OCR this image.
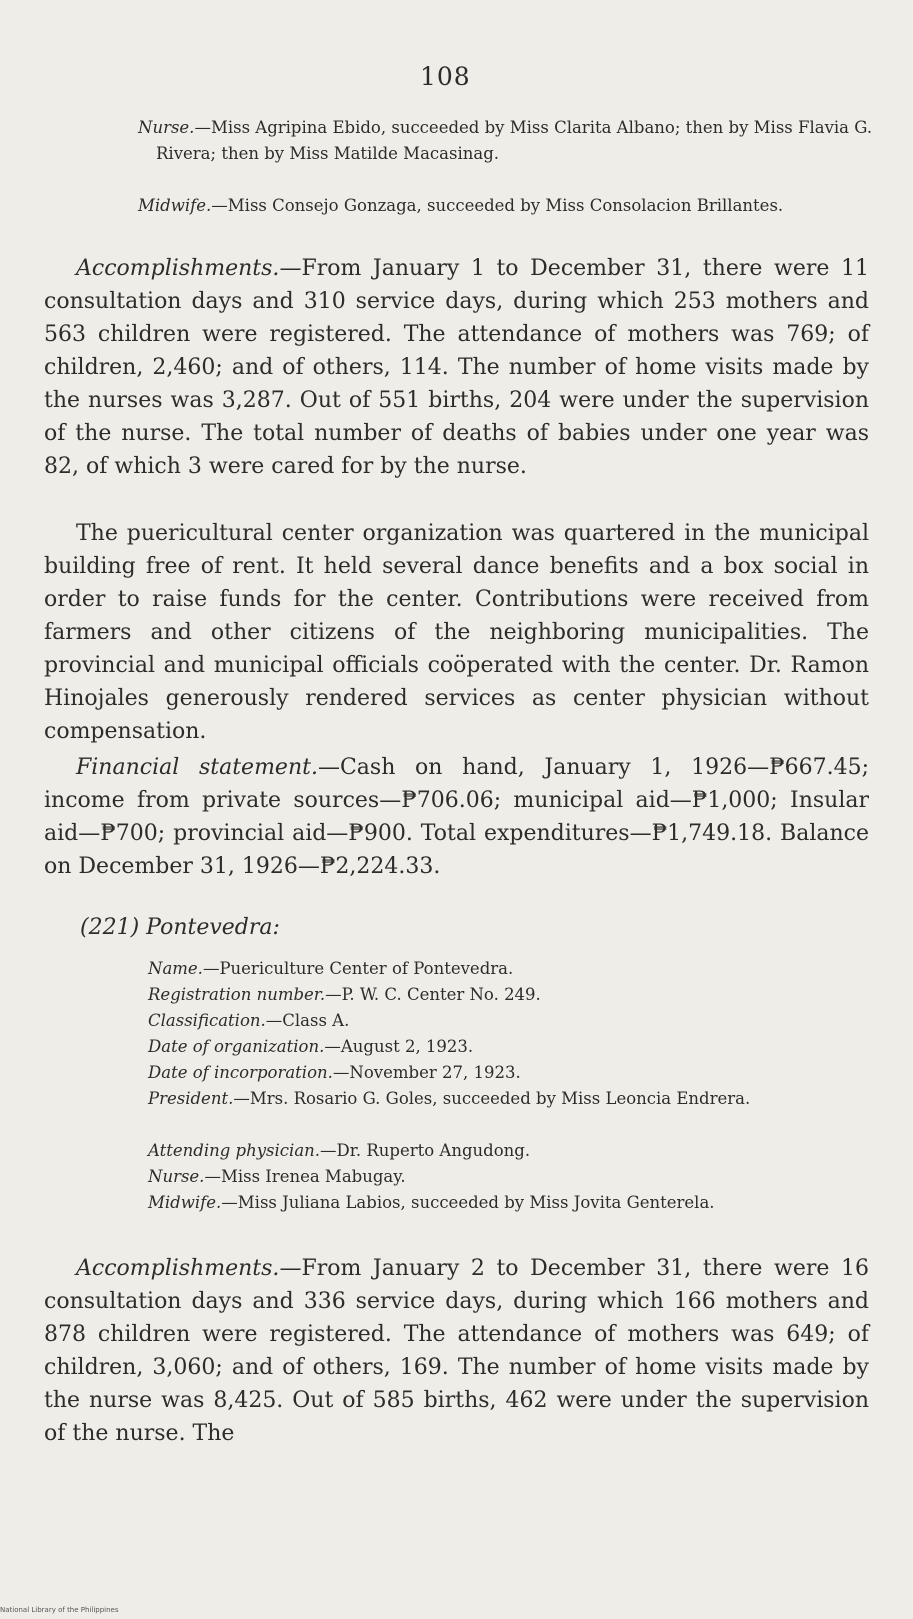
108

Nurse.—Miss Agripina Ebido, succeeded by Miss Clarita Albano; then by Miss Flavia G. Rivera; then by Miss Matilde Macasinag.

Midwife.—Miss Consejo Gonzaga, succeeded by Miss Consolacion Brillantes.

Accomplishments.—From January 1 to December 31, there were 11 consultation days and 310 service days, during which 253 mothers and 563 children were registered. The attendance of mothers was 769; of children, 2,460; and of others, 114. The number of home visits made by the nurses was 3,287. Out of 551 births, 204 were under the supervision of the nurse. The total number of deaths of babies under one year was 82, of which 3 were cared for by the nurse.

The puericultural center organization was quartered in the municipal building free of rent. It held several dance benefits and a box social in order to raise funds for the center. Contributions were received from farmers and other citizens of the neighboring municipalities. The provincial and municipal officials coöperated with the center. Dr. Ramon Hinojales generously rendered services as center physician without compensation.

Financial statement.—Cash on hand, January 1, 1926—₱667.45; income from private sources—₱706.06; municipal aid—₱1,000; Insular aid—₱700; provincial aid—₱900. Total expenditures—₱1,749.18. Balance on December 31, 1926—₱2,224.33.

(221) Pontevedra:

Name.—Puericulture Center of Pontevedra.

Registration number.—P. W. C. Center No. 249.

Classification.—Class A.

Date of organization.—August 2, 1923.

Date of incorporation.—November 27, 1923.

President.—Mrs. Rosario G. Goles, succeeded by Miss Leoncia Endrera.

Attending physician.—Dr. Ruperto Angudong.

Nurse.—Miss Irenea Mabugay.

Midwife.—Miss Juliana Labios, succeeded by Miss Jovita Genterela.

Accomplishments.—From January 2 to December 31, there were 16 consultation days and 336 service days, during which 166 mothers and 878 children were registered. The attendance of mothers was 649; of children, 3,060; and of others, 169. The number of home visits made by the nurse was 8,425. Out of 585 births, 462 were under the supervision of the nurse. The

National Library of the Philippines
